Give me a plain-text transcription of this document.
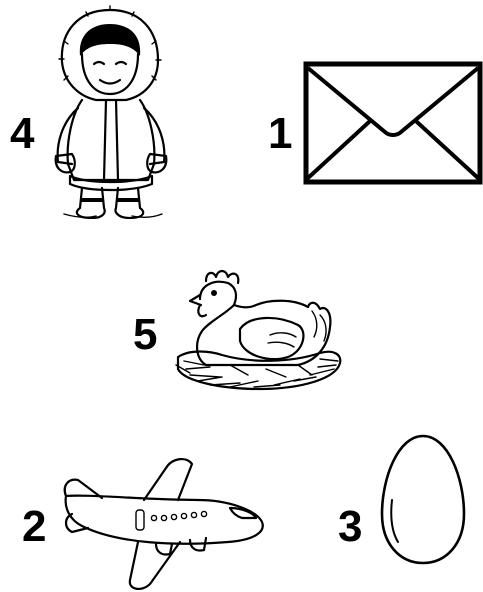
4	1
5
2	3
